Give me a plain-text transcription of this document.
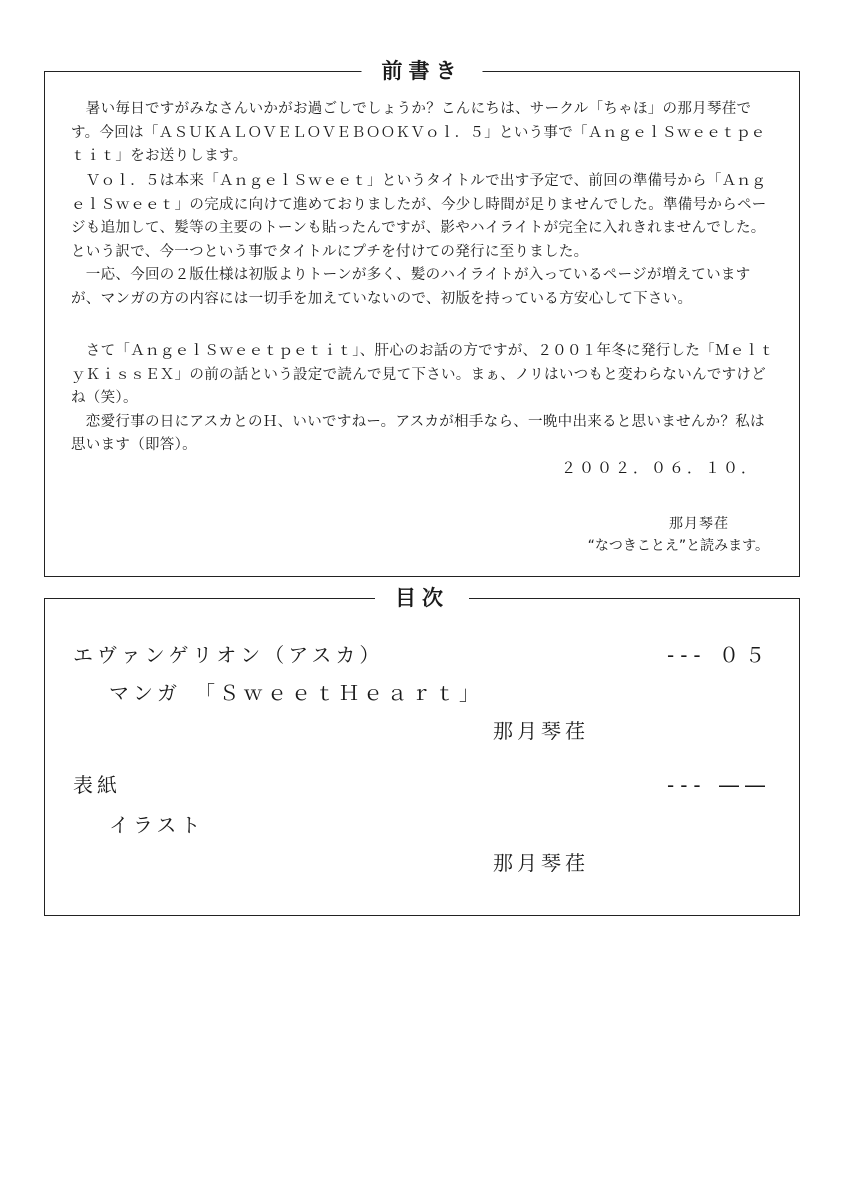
前書き

　暑い毎日ですがみなさんいかがお過ごしでしょうか？こんにちは、サークル「ちゃほ」の那月琴荏です。今回は「ＡＳＵＫＡＬＯＶＥＬＯＶＥＢＯＯＫＶｏｌ．５」という事で「ＡｎｇｅｌＳｗｅｅｔｐｅｔｉｔ」をお送りします。

　Ｖｏｌ．５は本来「ＡｎｇｅｌＳｗｅｅｔ」というタイトルで出す予定で、前回の準備号から「ＡｎｇｅｌＳｗｅｅｔ」の完成に向けて進めておりましたが、今少し時間が足りませんでした。準備号からページも追加して、髪等の主要のトーンも貼ったんですが、影やハイライトが完全に入れきれませんでした。という訳で、今一つという事でタイトルにプチを付けての発行に至りました。
　一応、今回の２版仕様は初版よりトーンが多く、髪のハイライトが入っているページが増えていますが、マンガの方の内容には一切手を加えていないので、初版を持っている方安心して下さい。

　さて「ＡｎｇｅｌＳｗｅｅｔｐｅｔｉｔ」、肝心のお話の方ですが、２００１年冬に発行した「ＭｅｌｔｙＫｉｓｓＥＸ」の前の話という設定で読んで見て下さい。まぁ、ノリはいつもと変わらないんですけどね（笑）。
　恋愛行事の日にアスカとのＨ、いいですねー。アスカが相手なら、一晩中出来ると思いませんか？私は思います（即答）。

２００２．０６．１０．
那月琴荏
“なつきことえ”と読みます。
目次
エヴァンゲリオン（アスカ）	--- ０５
マンガ　「ＳｗｅｅｔＨｅａｒｔ」
那月琴荏
表紙	--- ――
イラスト
那月琴荏
